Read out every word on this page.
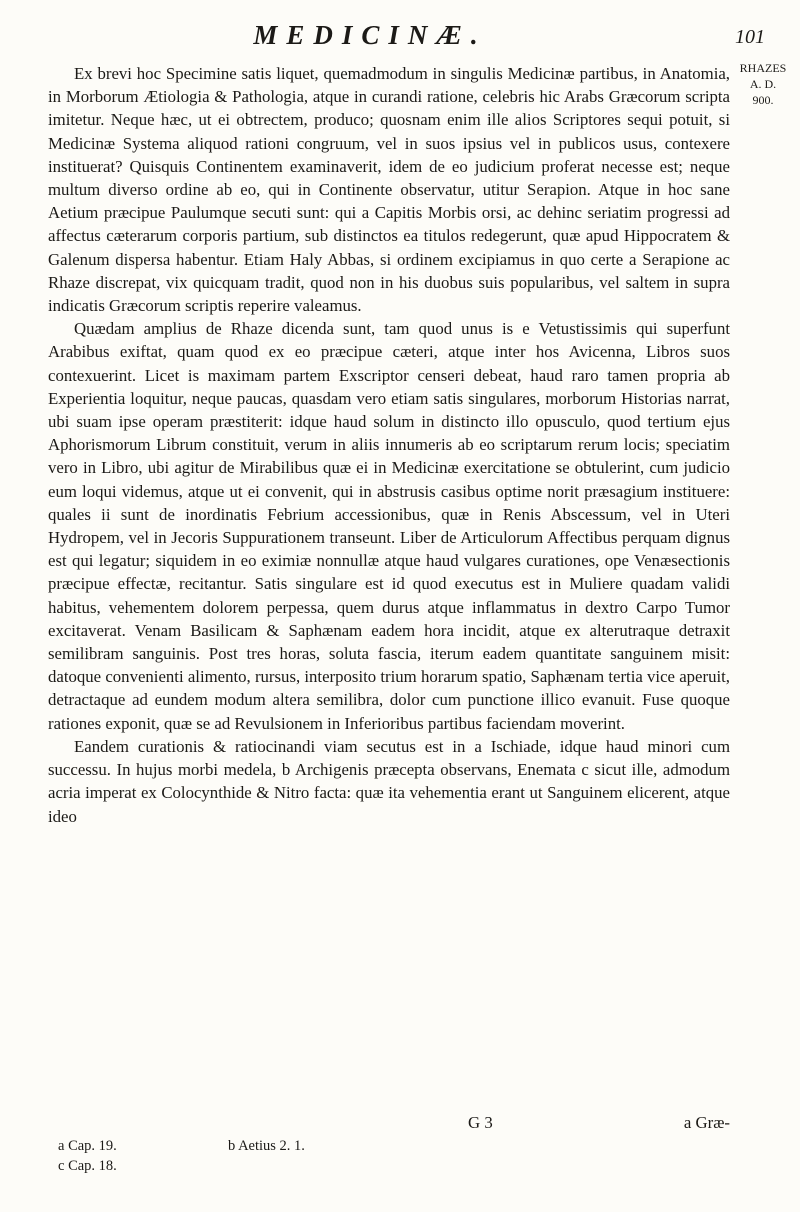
MEDICINÆ.	101
RHAZES
A. D.
900.

Ex brevi hoc Specimine satis liquet, quemadmodum in singulis Medicinæ partibus, in Anatomia, in Morborum Ætiologia & Pathologia, atque in curandi ratione, celebris hic Arabs Græcorum scripta imitetur. Neque hæc, ut ei obtrectem, produco; quosnam enim ille alios Scriptores sequi potuit, si Medicinæ Systema aliquod rationi congruum, vel in suos ipsius vel in publicos usus, contexere instituerat? Quisquis Continentem examinaverit, idem de eo judicium proferat necesse est; neque multum diverso ordine ab eo, qui in Continente observatur, utitur Serapion. Atque in hoc sane Aetium præcipue Paulumque secuti sunt: qui a Capitis Morbis orsi, ac dehinc seriatim progressi ad affectus cæterarum corporis partium, sub distinctos ea titulos redegerunt, quæ apud Hippocratem & Galenum dispersa habentur. Etiam Haly Abbas, si ordinem excipiamus in quo certe a Serapione ac Rhaze discrepat, vix quicquam tradit, quod non in his duobus suis popularibus, vel saltem in supra indicatis Græcorum scriptis reperire valeamus.

Quædam amplius de Rhaze dicenda sunt, tam quod unus is e Vetustissimis qui superfunt Arabibus exiftat, quam quod ex eo præcipue cæteri, atque inter hos Avicenna, Libros suos contexuerint. Licet is maximam partem Exscriptor censeri debeat, haud raro tamen propria ab Experientia loquitur, neque paucas, quasdam vero etiam satis singulares, morborum Historias narrat, ubi suam ipse operam præstiterit: idque haud solum in distincto illo opusculo, quod tertium ejus Aphorismorum Librum constituit, verum in aliis innumeris ab eo scriptarum rerum locis; speciatim vero in Libro, ubi agitur de Mirabilibus quæ ei in Medicinæ exercitatione se obtulerint, cum judicio eum loqui videmus, atque ut ei convenit, qui in abstrusis casibus optime norit præsagium instituere: quales ii sunt de inordinatis Febrium accessionibus, quæ in Renis Abscessum, vel in Uteri Hydropem, vel in Jecoris Suppurationem transeunt. Liber de Articulorum Affectibus perquam dignus est qui legatur; siquidem in eo eximiæ nonnullæ atque haud vulgares curationes, ope Venæsectionis præcipue effectæ, recitantur. Satis singulare est id quod executus est in Muliere quadam validi habitus, vehementem dolorem perpessa, quem durus atque inflammatus in dextro Carpo Tumor excitaverat. Venam Basilicam & Saphænam eadem hora incidit, atque ex alterutraque detraxit semilibram sanguinis. Post tres horas, soluta fascia, iterum eadem quantitate sanguinem misit: datoque convenienti alimento, rursus, interposito trium horarum spatio, Saphænam tertia vice aperuit, detractaque ad eundem modum altera semilibra, dolor cum punctione illico evanuit. Fuse quoque rationes exponit, quæ se ad Revulsionem in Inferioribus partibus faciendam moverint.

Eandem curationis & ratiocinandi viam secutus est in a Ischiade, idque haud minori cum successu. In hujus morbi medela, b Archigenis præcepta observans, Enemata c sicut ille, admodum acria imperat ex Colocynthide & Nitro facta: quæ ita vehementia erant ut Sanguinem elicerent, atque ideo

G 3	a Græ-
a Cap. 19.	b Aetius 2. 1.
c Cap. 18.
